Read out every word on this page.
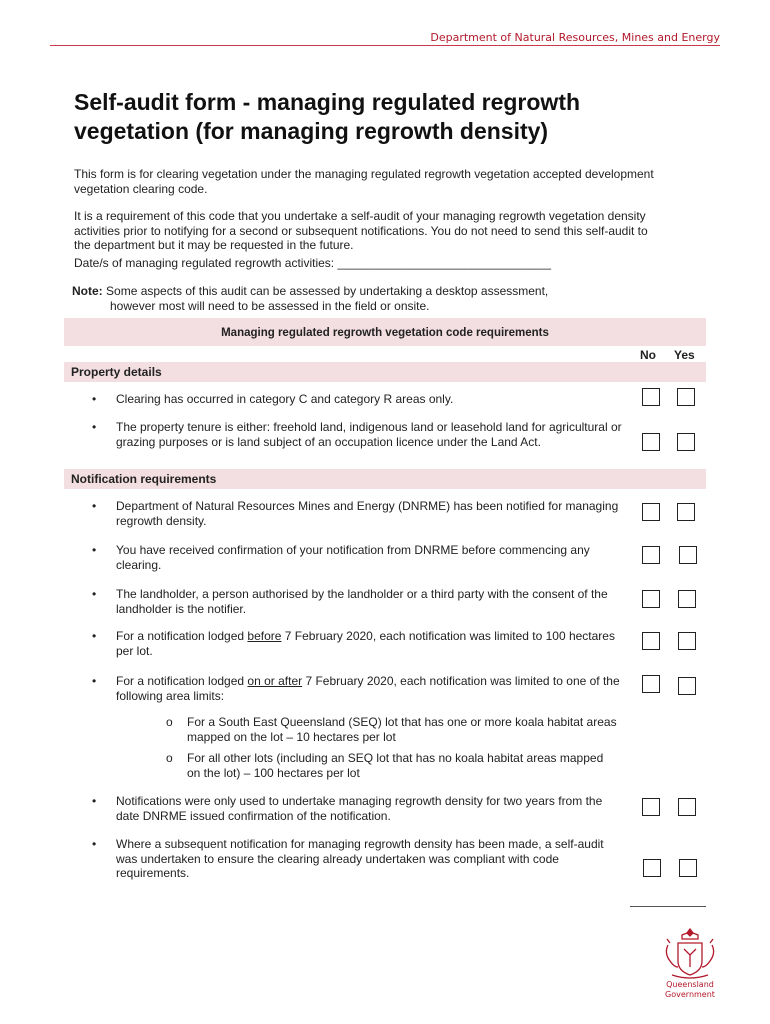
Department of Natural Resources, Mines and Energy
Self-audit form - managing regulated regrowth vegetation (for managing regrowth density)

This form is for clearing vegetation under the managing regulated regrowth vegetation accepted development vegetation clearing code.

It is a requirement of this code that you undertake a self-audit of your managing regrowth vegetation density activities prior to notifying for a second or subsequent notifications. You do not need to send this self-audit to the department but it may be requested in the future.

Date/s of managing regulated regrowth activities: ________________________________

Note: Some aspects of this audit can be assessed by undertaking a desktop assessment,
however most will need to be assessed in the field or onsite.
Managing regulated regrowth vegetation code requirements
No Yes
Property details
• Clearing has occurred in category C and category R areas only.
• The property tenure is either: freehold land, indigenous land or leasehold land for agricultural or grazing purposes or is land subject of an occupation licence under the Land Act.
Notification requirements
• Department of Natural Resources Mines and Energy (DNRME) has been notified for managing regrowth density.
• You have received confirmation of your notification from DNRME before commencing any clearing.
• The landholder, a person authorised by the landholder or a third party with the consent of the landholder is the notifier.
• For a notification lodged before 7 February 2020, each notification was limited to 100 hectares per lot.
• For a notification lodged on or after 7 February 2020, each notification was limited to one of the following area limits:
o For a South East Queensland (SEQ) lot that has one or more koala habitat areas mapped on the lot – 10 hectares per lot
o For all other lots (including an SEQ lot that has no koala habitat areas mapped on the lot) – 100 hectares per lot
• Notifications were only used to undertake managing regrowth density for two years from the date DNRME issued confirmation of the notification.
• Where a subsequent notification for managing regrowth density has been made, a self-audit was undertaken to ensure the clearing already undertaken was compliant with code requirements.
Queensland
Government
